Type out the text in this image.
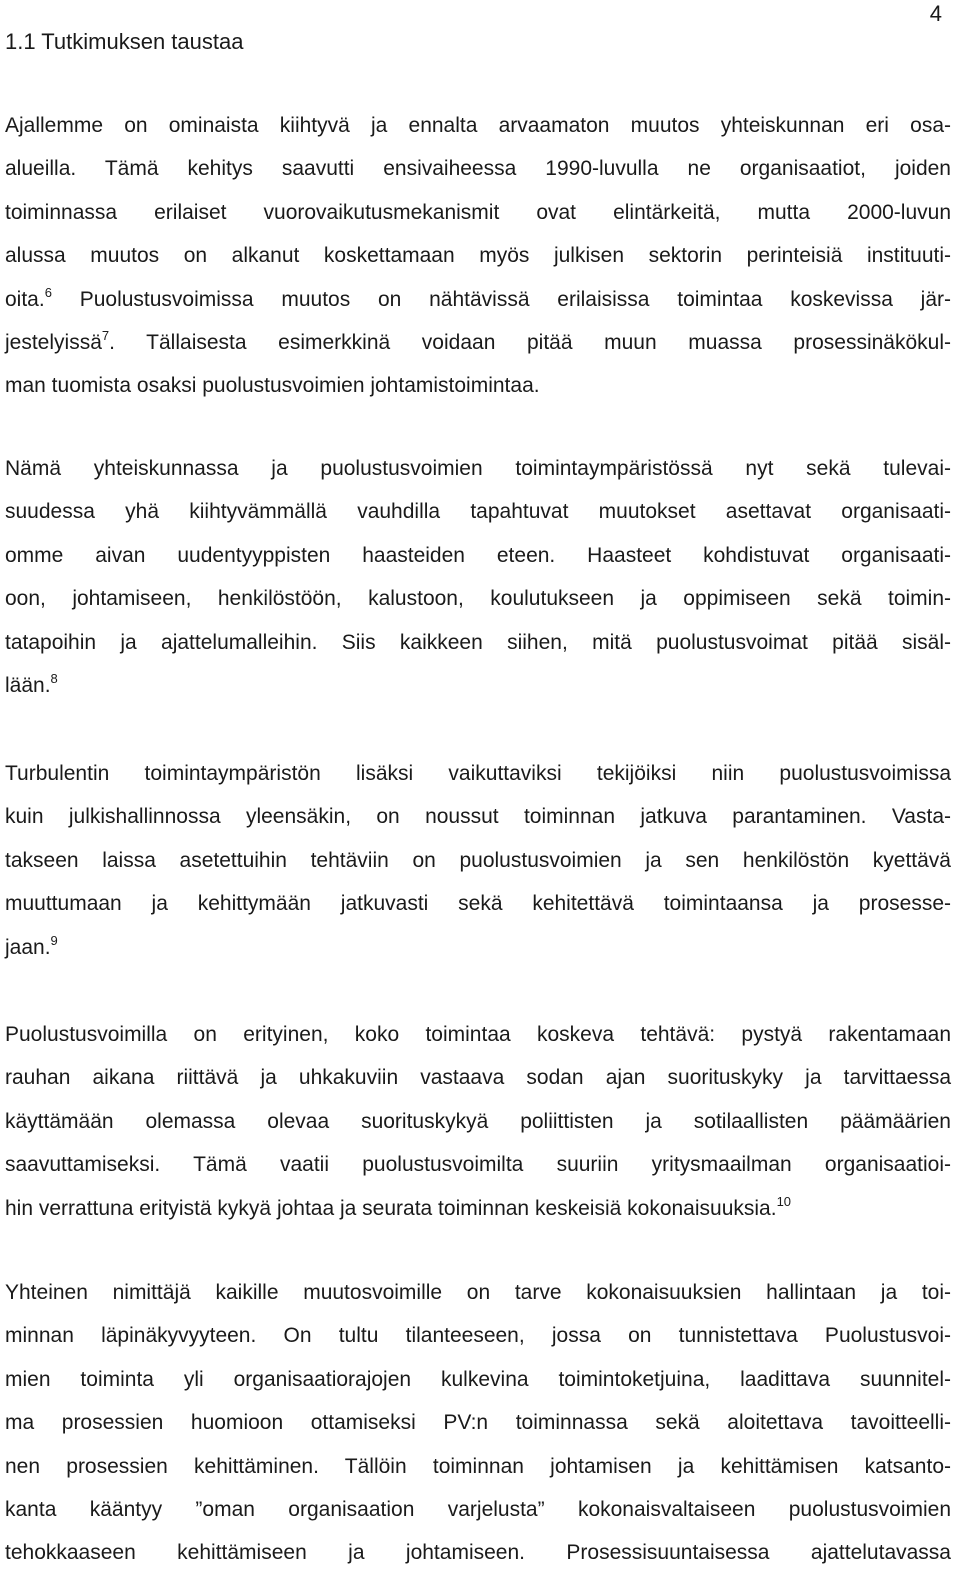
4
1.1 Tutkimuksen taustaa
Ajallemme on ominaista kiihtyvä ja ennalta arvaamaton muutos yhteiskunnan eri osa-
alueilla. Tämä kehitys saavutti ensivaiheessa 1990-luvulla ne organisaatiot, joiden
toiminnassa erilaiset vuorovaikutusmekanismit ovat elintärkeitä, mutta 2000-luvun
alussa muutos on alkanut koskettamaan myös julkisen sektorin perinteisiä instituuti-
oita.$^6$ Puolustusvoimissa muutos on nähtävissä erilaisissa toimintaa koskevissa jär-
jestelyissä$^7$. Tällaisesta esimerkkinä voidaan pitää muun muassa prosessinäkökul-
man tuomista osaksi puolustusvoimien johtamistoimintaa.
Nämä yhteiskunnassa ja puolustusvoimien toimintaympäristössä nyt sekä tulevai-
suudessa yhä kiihtyvämmällä vauhdilla tapahtuvat muutokset asettavat organisaati-
omme aivan uudentyyppisten haasteiden eteen. Haasteet kohdistuvat organisaati-
oon, johtamiseen, henkilöstöön, kalustoon, koulutukseen ja oppimiseen sekä toimin-
tatapoihin ja ajattelumalleihin. Siis kaikkeen siihen, mitä puolustusvoimat pitää sisäl-
lään.$^8$
Turbulentin toimintaympäristön lisäksi vaikuttaviksi tekijöiksi niin puolustusvoimissa
kuin julkishallinnossa yleensäkin, on noussut toiminnan jatkuva parantaminen. Vasta-
takseen laissa asetettuihin tehtäviin on puolustusvoimien ja sen henkilöstön kyettävä
muuttumaan ja kehittymään jatkuvasti sekä kehitettävä toimintaansa ja prosesse-
jaan.$^9$
Puolustusvoimilla on erityinen, koko toimintaa koskeva tehtävä: pystyä rakentamaan
rauhan aikana riittävä ja uhkakuviin vastaava sodan ajan suorituskyky ja tarvittaessa
käyttämään olemassa olevaa suorituskykyä poliittisten ja sotilaallisten päämäärien
saavuttamiseksi. Tämä vaatii puolustusvoimilta suuriin yritysmaailman organisaatioi-
hin verrattuna erityistä kykyä johtaa ja seurata toiminnan keskeisiä kokonaisuuksia.$^{10}$
Yhteinen nimittäjä kaikille muutosvoimille on tarve kokonaisuuksien hallintaan ja toi-
minnan läpinäkyvyyteen. On tultu tilanteeseen, jossa on tunnistettava Puolustusvoi-
mien toiminta yli organisaatiorajojen kulkevina toimintoketjuina, laadittava suunnitel-
ma prosessien huomioon ottamiseksi PV:n toiminnassa sekä aloitettava tavoitteelli-
nen prosessien kehittäminen. Tällöin toiminnan johtamisen ja kehittämisen katsanto-
kanta kääntyy ”oman organisaation varjelusta” kokonaisvaltaiseen puolustusvoimien
tehokkaaseen kehittämiseen ja johtamiseen. Prosessisuuntaisessa ajattelutavassa
